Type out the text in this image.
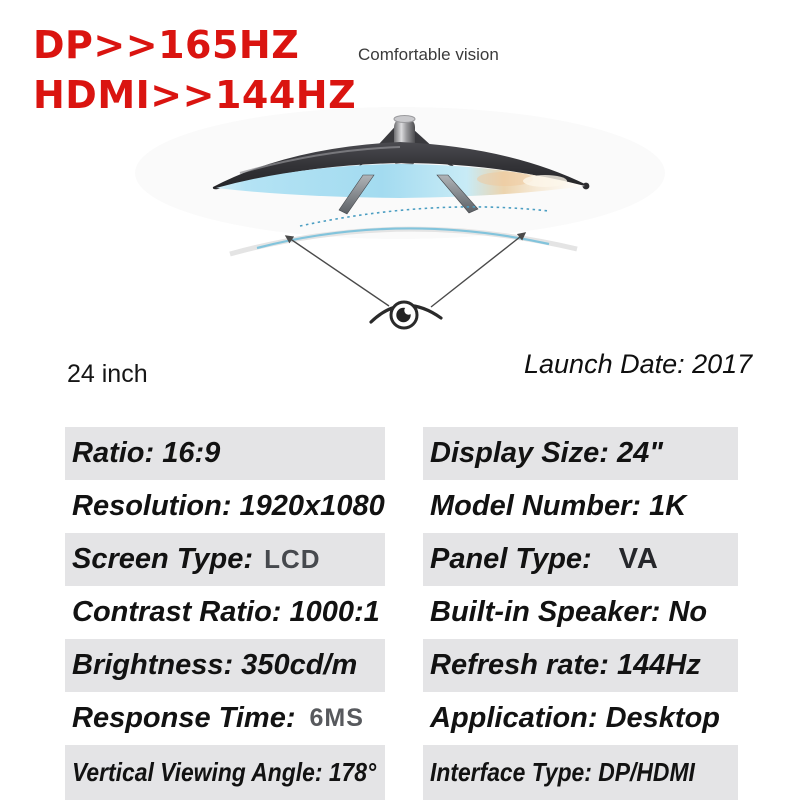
DP>>165HZ
HDMI>>144HZ
Comfortable vision
24 inch	Launch Date: 2017
Ratio: 16:9
Resolution: 1920x1080
Screen Type: LCD
Contrast Ratio: 1000:1
Brightness: 350cd/m
Response Time: 6MS
Vertical Viewing Angle: 178°
Display Size: 24"
Model Number: 1K
Panel Type: VA
Built-in Speaker: No
Refresh rate: 144Hz
Application: Desktop
Interface Type: DP/HDMI
